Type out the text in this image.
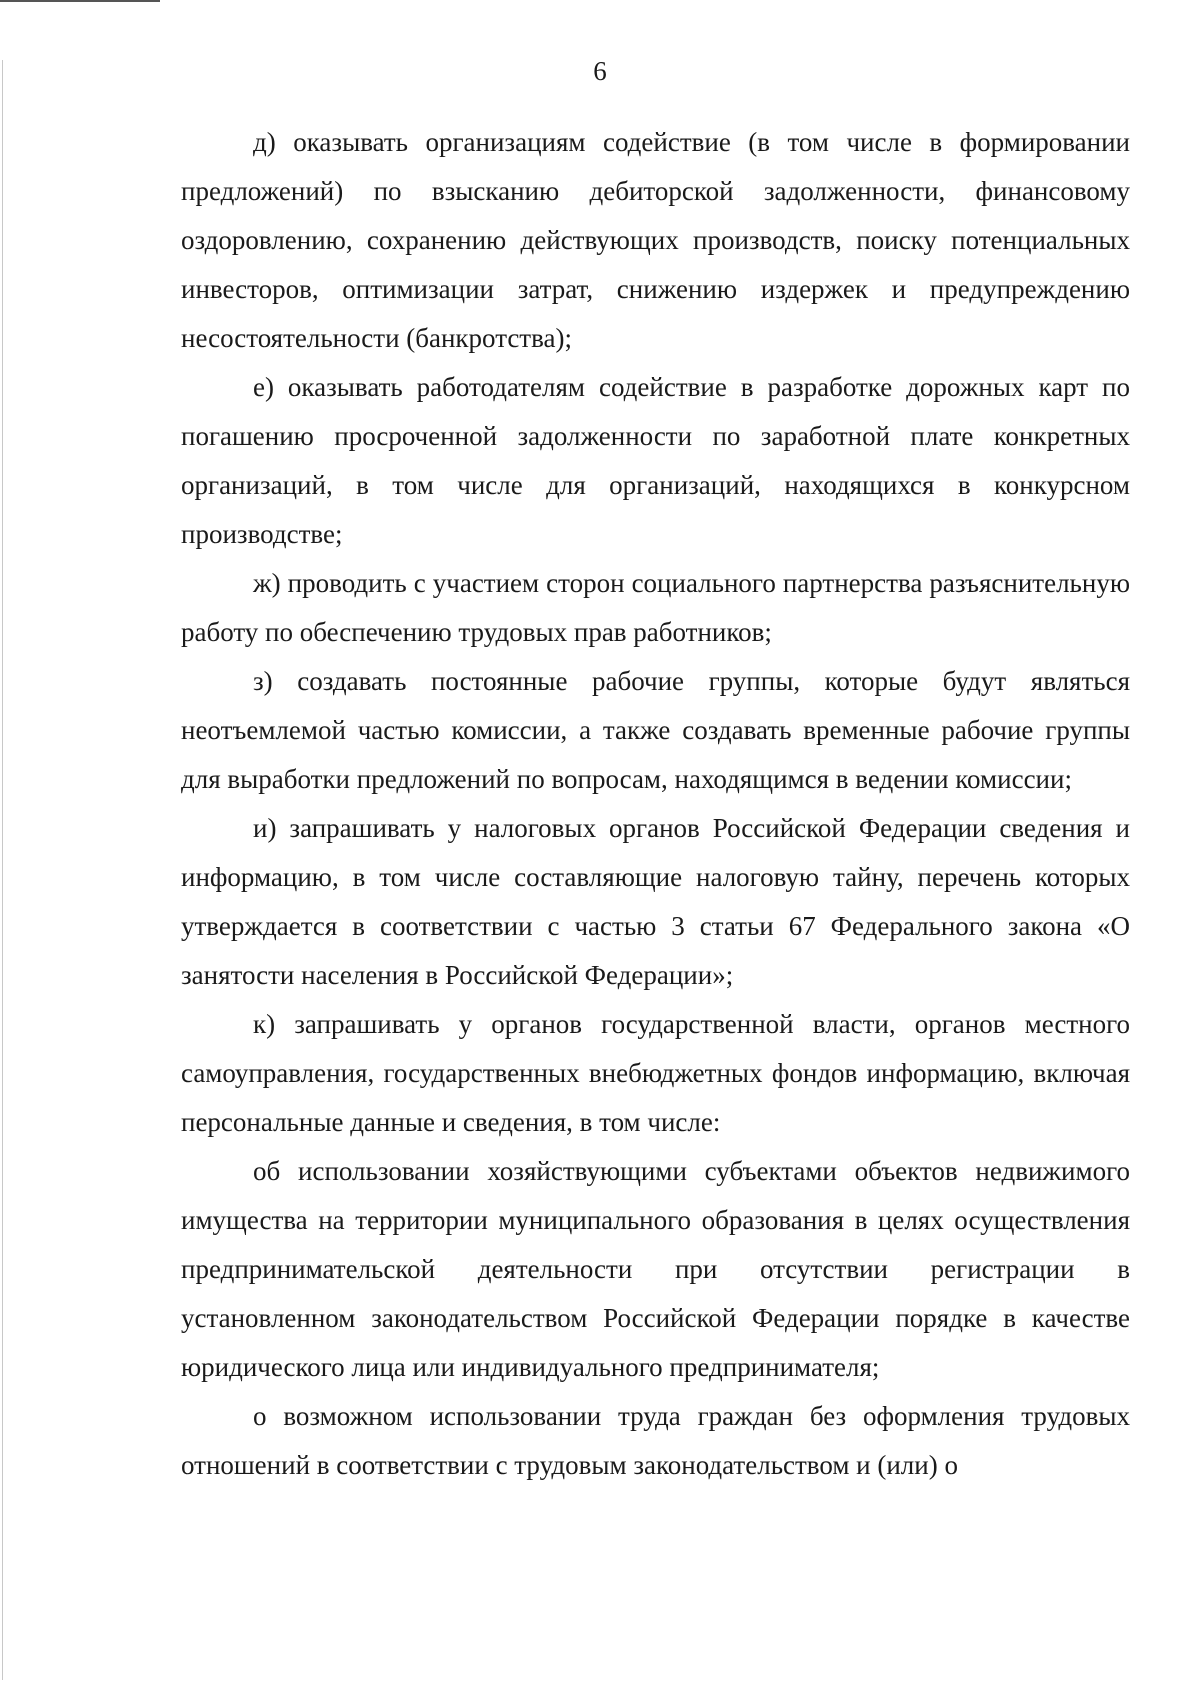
6

д) оказывать организациям содействие (в том числе в формировании предложений) по взысканию дебиторской задолженности, финансовому оздоровлению, сохранению действующих производств, поиску потенциальных инвесторов, оптимизации затрат, снижению издержек и предупреждению несостоятельности (банкротства);

е) оказывать работодателям содействие в разработке дорожных карт по погашению просроченной задолженности по заработной плате конкретных организаций, в том числе для организаций, находящихся в конкурсном производстве;

ж) проводить с участием сторон социального партнерства разъяснительную работу по обеспечению трудовых прав работников;

з) создавать постоянные рабочие группы, которые будут являться неотъемлемой частью комиссии, а также создавать временные рабочие группы для выработки предложений по вопросам, находящимся в ведении комиссии;

и) запрашивать у налоговых органов Российской Федерации сведения и информацию, в том числе составляющие налоговую тайну, перечень которых утверждается в соответствии с частью 3 статьи 67 Федерального закона «О занятости населения в Российской Федерации»;

к) запрашивать у органов государственной власти, органов местного самоуправления, государственных внебюджетных фондов информацию, включая персональные данные и сведения, в том числе:

об использовании хозяйствующими субъектами объектов недвижимого имущества на территории муниципального образования в целях осуществления предпринимательской деятельности при отсутствии регистрации в установленном законодательством Российской Федерации порядке в качестве юридического лица или индивидуального предпринимателя;

о возможном использовании труда граждан без оформления трудовых отношений в соответствии с трудовым законодательством и (или) о
